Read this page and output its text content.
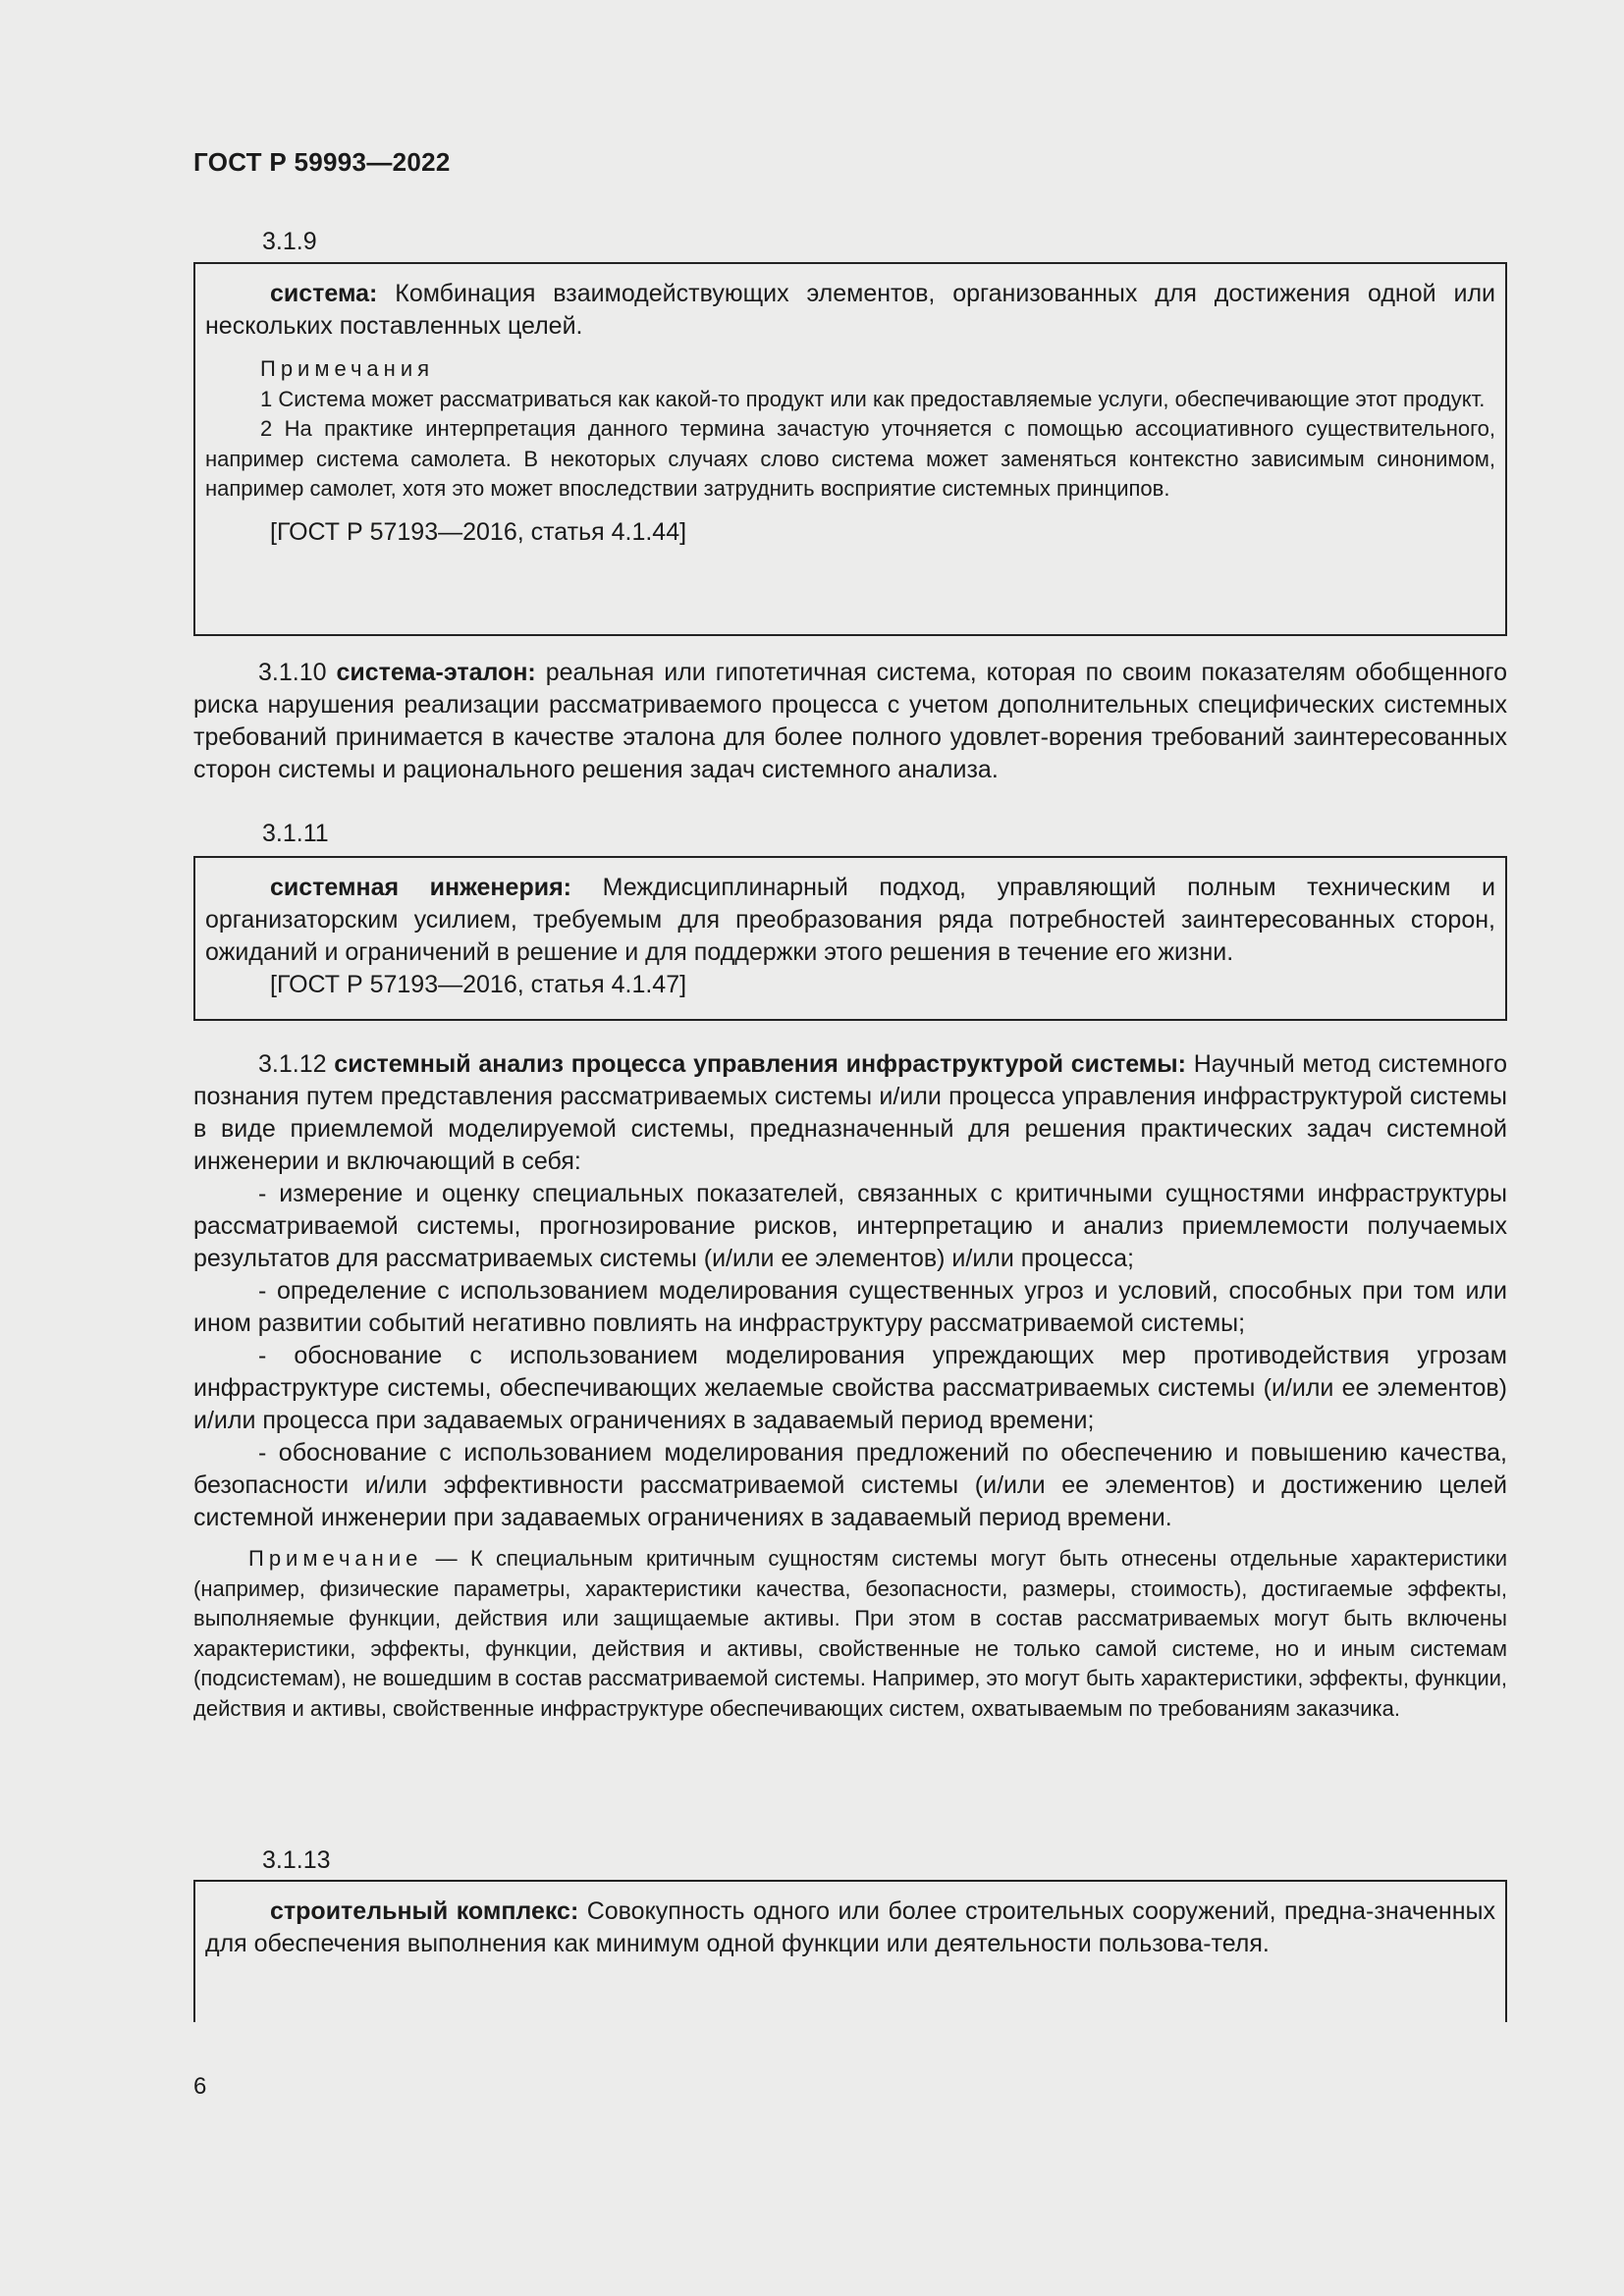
ГОСТ Р 59993—2022
3.1.9

система: Комбинация взаимодействующих элементов, организованных для достижения одной или нескольких поставленных целей.

Примечания

1 Система может рассматриваться как какой-то продукт или как предоставляемые услуги, обеспечивающие этот продукт.

2 На практике интерпретация данного термина зачастую уточняется с помощью ассоциативного существительного, например система самолета. В некоторых случаях слово система может заменяться контекстно зависимым синонимом, например самолет, хотя это может впоследствии затруднить восприятие системных принципов.

[ГОСТ Р 57193—2016, статья 4.1.44]

3.1.10 система-эталон: реальная или гипотетичная система, которая по своим показателям обобщенного риска нарушения реализации рассматриваемого процесса с учетом дополнительных специфических системных требований принимается в качестве эталона для более полного удовлет-ворения требований заинтересованных сторон системы и рационального решения задач системного анализа.

3.1.11

системная инженерия: Междисциплинарный подход, управляющий полным техническим и организаторским усилием, требуемым для преобразования ряда потребностей заинтересованных сторон, ожиданий и ограничений в решение и для поддержки этого решения в течение его жизни.

[ГОСТ Р 57193—2016, статья 4.1.47]

3.1.12 системный анализ процесса управления инфраструктурой системы: Научный метод системного познания путем представления рассматриваемых системы и/или процесса управления инфраструктурой системы в виде приемлемой моделируемой системы, предназначенный для решения практических задач системной инженерии и включающий в себя:

- измерение и оценку специальных показателей, связанных с критичными сущностями инфраструктуры рассматриваемой системы, прогнозирование рисков, интерпретацию и анализ приемлемости получаемых результатов для рассматриваемых системы (и/или ее элементов) и/или процесса;

- определение с использованием моделирования существенных угроз и условий, способных при том или ином развитии событий негативно повлиять на инфраструктуру рассматриваемой системы;

- обоснование с использованием моделирования упреждающих мер противодействия угрозам инфраструктуре системы, обеспечивающих желаемые свойства рассматриваемых системы (и/или ее элементов) и/или процесса при задаваемых ограничениях в задаваемый период времени;

- обоснование с использованием моделирования предложений по обеспечению и повышению качества, безопасности и/или эффективности рассматриваемой системы (и/или ее элементов) и достижению целей системной инженерии при задаваемых ограничениях в задаваемый период времени.

Примечание — К специальным критичным сущностям системы могут быть отнесены отдельные характеристики (например, физические параметры, характеристики качества, безопасности, размеры, стоимость), достигаемые эффекты, выполняемые функции, действия или защищаемые активы. При этом в состав рассматриваемых могут быть включены характеристики, эффекты, функции, действия и активы, свойственные не только самой системе, но и иным системам (подсистемам), не вошедшим в состав рассматриваемой системы. Например, это могут быть характеристики, эффекты, функции, действия и активы, свойственные инфраструктуре обеспечивающих систем, охватываемым по требованиям заказчика.

3.1.13

строительный комплекс: Совокупность одного или более строительных сооружений, предна-значенных для обеспечения выполнения как минимум одной функции или деятельности пользова-теля.

6
